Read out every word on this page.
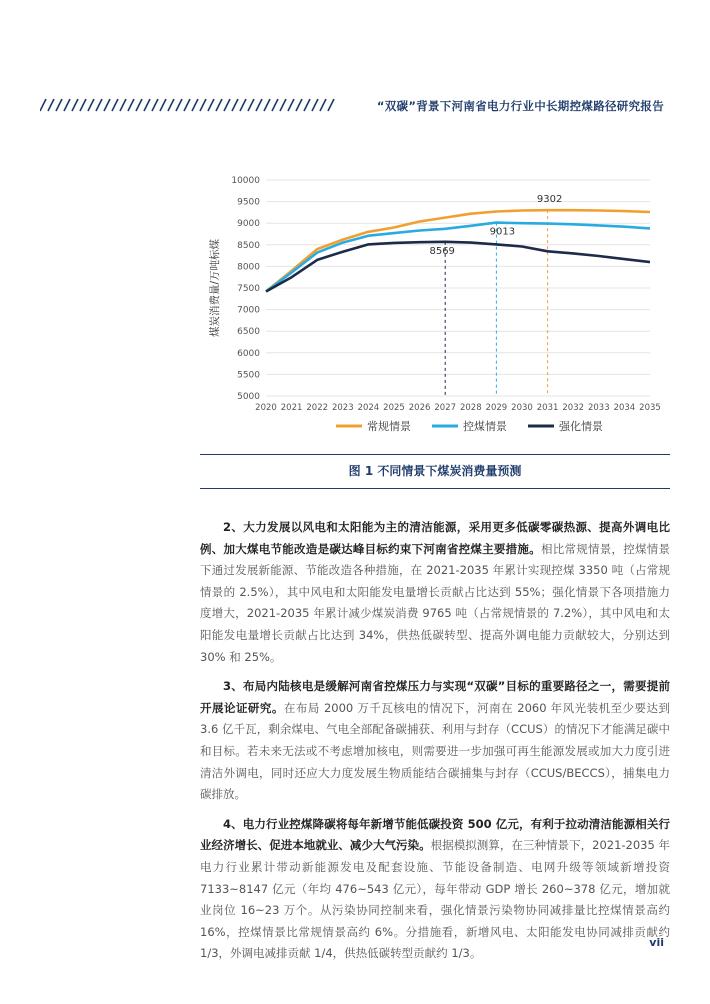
“双碳”背景下河南省电力行业中长期控煤路径研究报告
5000
5500
6000
6500
7000
7500
8000
8500
9000
9500
10000
2020 2021 2022 2023 2024 2025 2026 2027 2028 2029 2030 2031 2032 2033 2034 2035
煤炭消费量/万吨标煤
9302
9013
8569
常规情景	控煤情景	强化情景
图 1 不同情景下煤炭消费量预测

2、大力发展以风电和太阳能为主的清洁能源，采用更多低碳零碳热源、提高外调电比例、加大煤电节能改造是碳达峰目标约束下河南省控煤主要措施。相比常规情景，控煤情景下通过发展新能源、节能改造各种措施，在 2021-2035 年累计实现控煤 3350 吨（占常规情景的 2.5%），其中风电和太阳能发电量增长贡献占比达到 55%；强化情景下各项措施力度增大，2021-2035 年累计减少煤炭消费 9765 吨（占常规情景的 7.2%），其中风电和太阳能发电量增长贡献占比达到 34%，供热低碳转型、提高外调电能力贡献较大，分别达到 30% 和 25%。

3、布局内陆核电是缓解河南省控煤压力与实现“双碳”目标的重要路径之一，需要提前开展论证研究。在布局 2000 万千瓦核电的情况下，河南在 2060 年风光装机至少要达到 3.6 亿千瓦，剩余煤电、气电全部配备碳捕获、利用与封存（CCUS）的情况下才能满足碳中和目标。若未来无法或不考虑增加核电，则需要进一步加强可再生能源发展或加大力度引进清洁外调电，同时还应大力度发展生物质能结合碳捕集与封存（CCUS/BECCS），捕集电力碳排放。

4、电力行业控煤降碳将每年新增节能低碳投资 500 亿元，有利于拉动清洁能源相关行业经济增长、促进本地就业、减少大气污染。根据模拟测算，在三种情景下，2021-2035 年电力行业累计带动新能源发电及配套设施、节能设备制造、电网升级等领域新增投资 7133~8147 亿元（年均 476~543 亿元），每年带动 GDP 增长 260~378 亿元，增加就业岗位 16~23 万个。从污染协同控制来看，强化情景污染物协同减排量比控煤情景高约 16%，控煤情景比常规情景高约 6%。分措施看，新增风电、太阳能发电协同减排贡献约 1/3，外调电减排贡献 1/4，供热低碳转型贡献约 1/3。

vii
